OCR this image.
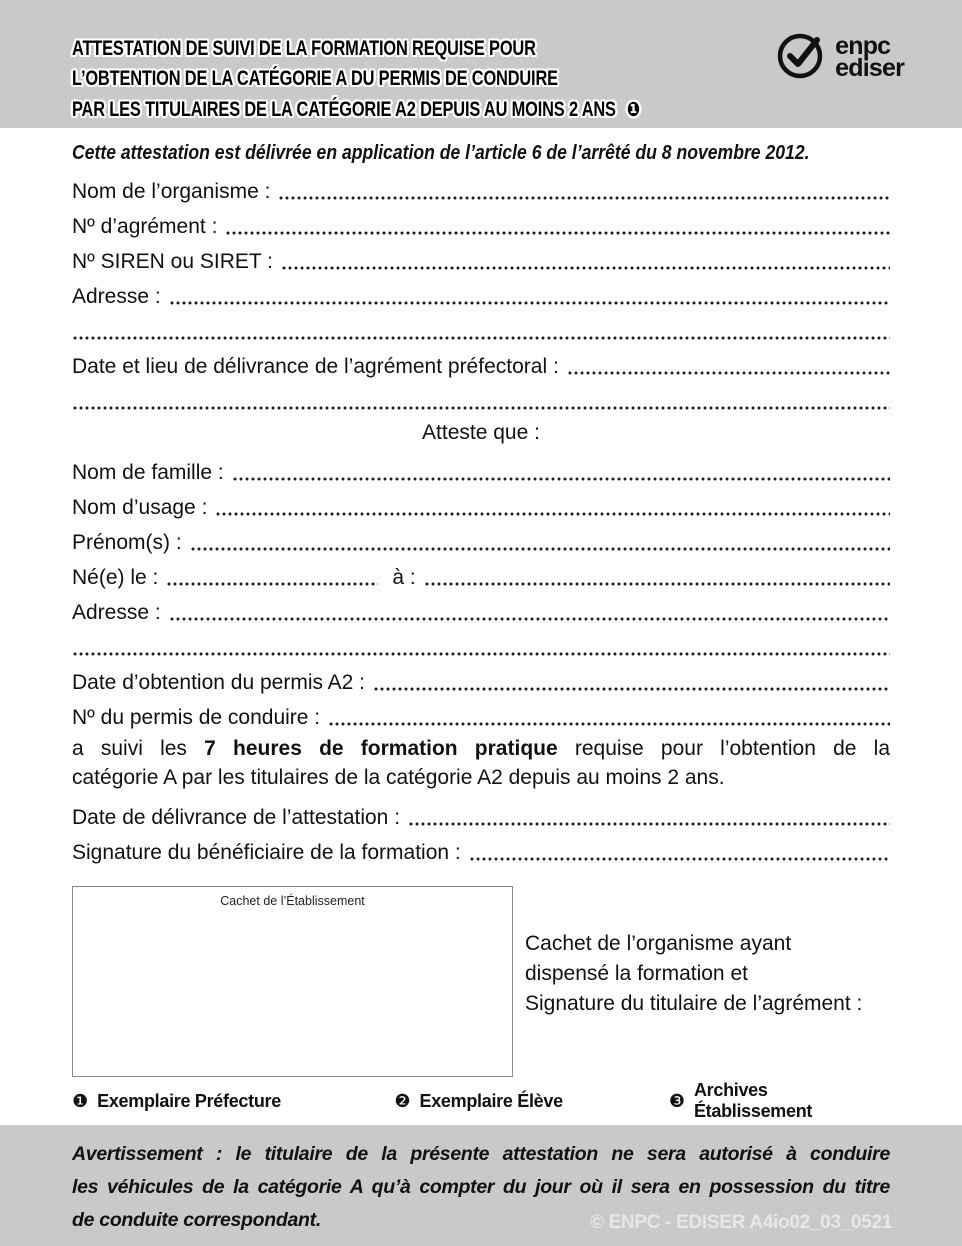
ATTESTATION DE SUIVI DE LA FORMATION REQUISE POUR
L’OBTENTION DE LA CATÉGORIE A DU PERMIS DE CONDUIRE
PAR LES TITULAIRES DE LA CATÉGORIE A2 DEPUIS AU MOINS 2 ANS ❶
enpc
ediser
Cette attestation est délivrée en application de l’article 6 de l’arrêté du 8 novembre 2012.
Nom de l’organisme :
Nº d’agrément :
Nº SIREN ou SIRET :
Adresse :
Date et lieu de délivrance de l’agrément préfectoral :
Atteste que :
Nom de famille :
Nom d’usage :
Prénom(s) :
Né(e) le :	à :
Adresse :
Date d’obtention du permis A2 :
Nº du permis de conduire :
a suivi les 7 heures de formation pratique requise pour l’obtention de la
catégorie A par les titulaires de la catégorie A2 depuis au moins 2 ans.
Date de délivrance de l’attestation :
Signature du bénéficiaire de la formation :
Cachet de l’Établissement
Cachet de l’organisme ayant
dispensé la formation et
Signature du titulaire de l’agrément :
❶ Exemplaire Préfecture	❷ Exemplaire Élève	❸
Archives Établissement
Avertissement : le titulaire de la présente attestation ne sera autorisé à conduire
les véhicules de la catégorie A qu’à compter du jour où il sera en possession du titre
de conduite correspondant.	© ENPC - EDISER A4io02_03_0521
